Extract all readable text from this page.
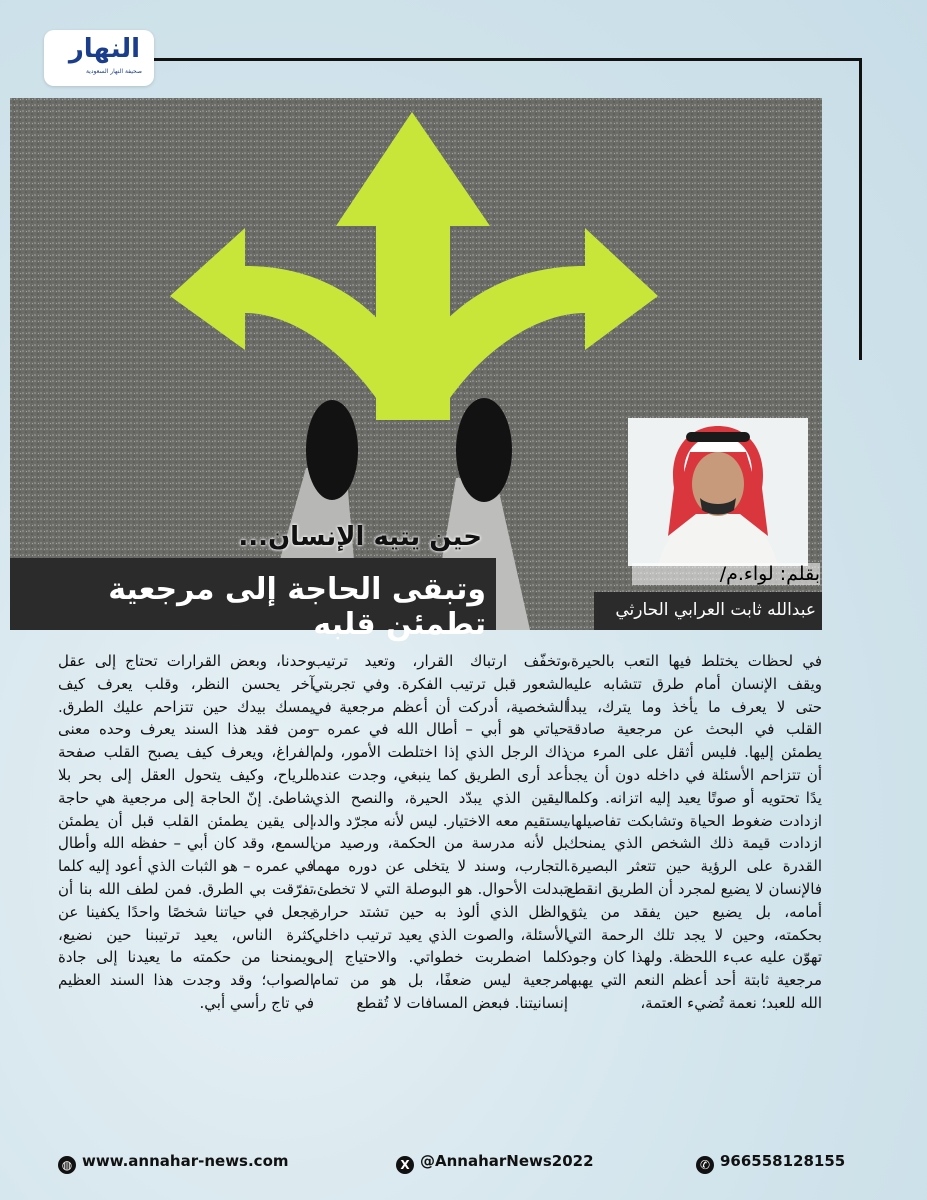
النهار
صحيفة النهار السعودية
حين يتيه الإنسان...
وتبقى الحاجة إلى مرجعية تطمئن قلبه
بقلم: لواء.م/
عبدالله ثابت العرابي الحارثي

في لحظات يختلط فيها التعب بالحيرة، ويقف الإنسان أمام طرق تتشابه عليه حتى لا يعرف ما يأخذ وما يترك، يبدأ القلب في البحث عن مرجعية صادقة يطمئن إليها. فليس أثقل على المرء من أن تتزاحم الأسئلة في داخله دون أن يجد يدًا تحتويه أو صوتًا يعيد إليه اتزانه. وكلما ازدادت ضغوط الحياة وتشابكت تفاصيلها، ازدادت قيمة ذلك الشخص الذي يمنحك القدرة على الرؤية حين تتعثر البصيرة. فالإنسان لا يضيع لمجرد أن الطريق انقطع أمامه، بل يضيع حين يفقد من يثق بحكمته، وحين لا يجد تلك الرحمة التي تهوّن عليه عبء اللحظة. ولهذا كان وجود مرجعية ثابتة أحد أعظم النعم التي يهبها الله للعبد؛ نعمة تُضيء العتمة،

وتخفّف ارتباك القرار، وتعيد ترتيب الشعور قبل ترتيب الفكرة. وفي تجربتي الشخصية، أدركت أن أعظم مرجعية في حياتي هو أبي – أطال الله في عمره – ذاك الرجل الذي إذا اختلطت الأمور، ولم أعد أرى الطريق كما ينبغي، وجدت عنده اليقين الذي يبدّد الحيرة، والنصح الذي يستقيم معه الاختيار. ليس لأنه مجرّد والد، بل لأنه مدرسة من الحكمة، ورصيد من التجارب، وسند لا يتخلى عن دوره مهما تبدلت الأحوال. هو البوصلة التي لا تخطئ، والظل الذي ألوذ به حين تشتد حرارة الأسئلة، والصوت الذي يعيد ترتيب داخلي كلما اضطربت خطواتي. والاحتياج إلى مرجعية ليس ضعفًا، بل هو من تمام إنسانيتنا. فبعض المسافات لا تُقطع

وحدنا، وبعض القرارات تحتاج إلى عقل آخر يحسن النظر، وقلب يعرف كيف يمسك بيدك حين تتزاحم عليك الطرق. ومن فقد هذا السند يعرف وحده معنى الفراغ، ويعرف كيف يصبح القلب صفحة للرياح، وكيف يتحول العقل إلى بحر بلا شاطئ. إنّ الحاجة إلى مرجعية هي حاجة إلى يقين يطمئن القلب قبل أن يطمئن السمع، وقد كان أبي – حفظه الله وأطال في عمره – هو الثبات الذي أعود إليه كلما تفرّقت بي الطرق. فمن لطف الله بنا أن يجعل في حياتنا شخصًا واحدًا يكفينا عن كثرة الناس، يعيد ترتيبنا حين نضيع، ويمنحنا من حكمته ما يعيدنا إلى جادة الصواب؛ وقد وجدت هذا السند العظيم في تاج رأسي أبي.

◍ www.annahar-news.com	X @AnnaharNews2022	✆ 966558128155
